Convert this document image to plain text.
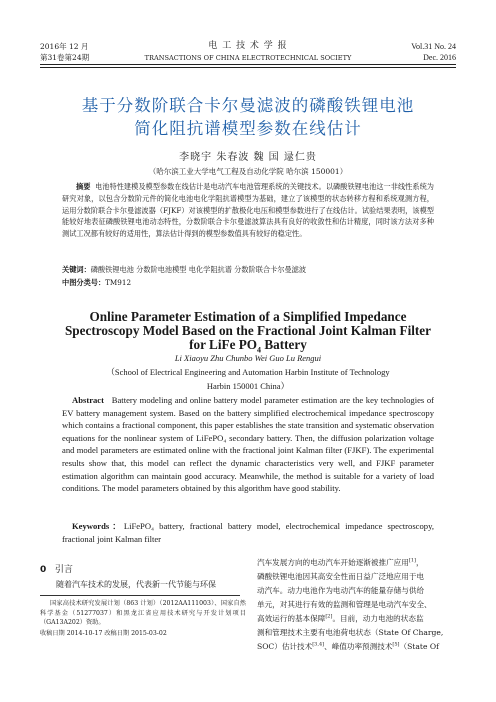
2016年 12 月
第31卷第24期
电 工 技 术 学 报
TRANSACTIONS OF CHINA ELECTROTECHNICAL SOCIETY
Vol.31 No. 24
Dec. 2016
基于分数阶联合卡尔曼滤波的磷酸铁锂电池
简化阻抗谱模型参数在线估计
李晓宇 朱春波 魏 国 逯仁贵
（哈尔滨工业大学电气工程及自动化学院 哈尔滨 150001）
摘要 电池特性建模及模型参数在线估计是电动汽车电池管理系统的关键技术。以磷酸铁锂电池这一非线性系统为研究对象，以包含分数阶元件的简化电池电化学阻抗谱模型为基础，建立了该模型的状态转移方程和系统观测方程，运用分数阶联合卡尔曼滤波器（FJKF）对该模型的扩散极化电压和模型参数进行了在线估计。试验结果表明，该模型能较好地表征磷酸铁锂电池动态特性，分数阶联合卡尔曼滤波算法具有良好的收敛性和估计精度，同时该方法对多种测试工况都有较好的适用性，算法估计得到的模型参数值具有较好的稳定性。
关键词：磷酸铁锂电池 分数阶电池模型 电化学阻抗谱 分数阶联合卡尔曼滤波
中图分类号：TM912
Online Parameter Estimation of a Simplified Impedance
Spectroscopy Model Based on the Fractional Joint Kalman Filter
for LiFe $PO_4$ Battery
Li Xiaoyu Zhu Chunbo Wei Guo Lu Rengui
（School of Electrical Engineering and Automation Harbin Institute of Technology
Harbin 150001 China）
Abstract Battery modeling and online battery model parameter estimation are the key technologies of EV battery management system. Based on the battery simplified electrochemical impedance spectroscopy which contains a fractional component, this paper establishes the state transition and systematic observation equations for the nonlinear system of LiFePO₄ secondary battery. Then, the diffusion polarization voltage and model parameters are estimated online with the fractional joint Kalman filter (FJKF). The experimental results show that, this model can reflect the dynamic characteristics very well, and FJKF parameter estimation algorithm can maintain good accuracy. Meanwhile, the method is suitable for a variety of load conditions. The model parameters obtained by this algorithm have good stability.
Keywords：LiFePO₄ battery, fractional battery model, electrochemical impedance spectroscopy, fractional joint Kalman filter
0 引言
随着汽车技术的发展，代表新一代节能与环保
国家高技术研究发展计划（863 计划）（2012AA111003）、国家自然科学基金（51277037）和黑龙江省应用技术研究与开发计划项目（GA13A202）资助。
收稿日期 2014-10-17 改稿日期 2015-03-02
汽车发展方向的电动汽车开始逐渐被推广应用[1]，
磷酸铁锂电池因其高安全性而日益广泛地应用于电
动汽车。动力电池作为电动汽车的能量存储与供给
单元，对其进行有效的监测和管理是电动汽车安全、
高效运行的基本保障[2]。目前，动力电池的状态监
测和管理技术主要有电池荷电状态（State Of Charge,
SOC）估计技术[3,4]、峰值功率预测技术[5]（State Of
